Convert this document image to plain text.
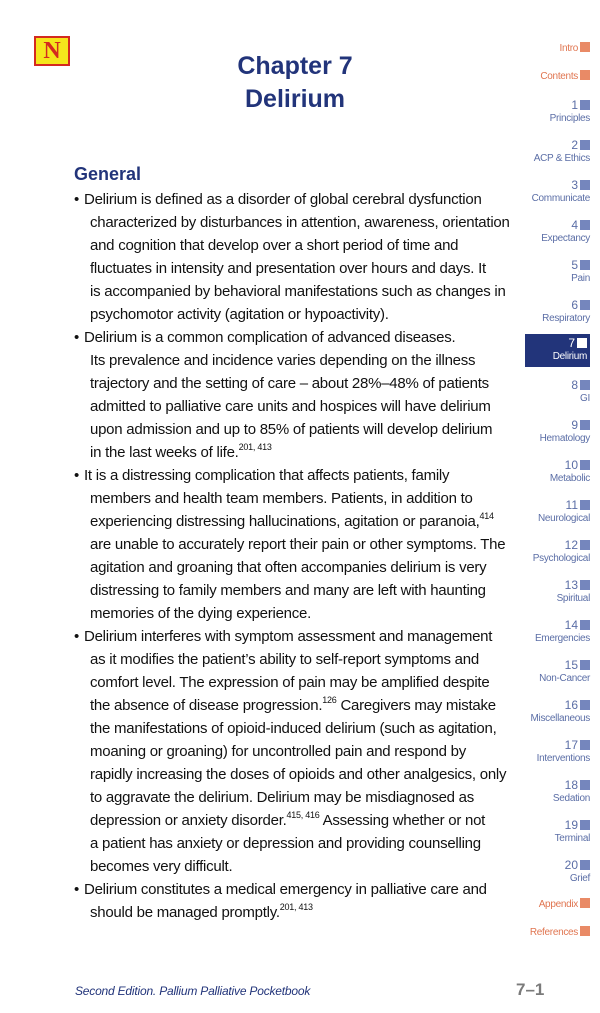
N
Chapter 7
Delirium
General
• Delirium is defined as a disorder of global cerebral dysfunction
characterized by disturbances in attention, awareness, orientation
and cognition that develop over a short period of time and
fluctuates in intensity and presentation over hours and days. It
is accompanied by behavioral manifestations such as changes in
psychomotor activity (agitation or hypoactivity).
• Delirium is a common complication of advanced diseases.
Its prevalence and incidence varies depending on the illness
trajectory and the setting of care – about 28%–48% of patients
admitted to palliative care units and hospices will have delirium
upon admission and up to 85% of patients will develop delirium
in the last weeks of life.$^{201, 413}$
• It is a distressing complication that affects patients, family
members and health team members. Patients, in addition to
experiencing distressing hallucinations, agitation or paranoia,$^{414}$
are unable to accurately report their pain or other symptoms. The
agitation and groaning that often accompanies delirium is very
distressing to family members and many are left with haunting
memories of the dying experience.
• Delirium interferes with symptom assessment and management
as it modifies the patient’s ability to self-report symptoms and
comfort level. The expression of pain may be amplified despite
the absence of disease progression.$^{126}$ Caregivers may mistake
the manifestations of opioid-induced delirium (such as agitation,
moaning or groaning) for uncontrolled pain and respond by
rapidly increasing the doses of opioids and other analgesics, only
to aggravate the delirium. Delirium may be misdiagnosed as
depression or anxiety disorder.$^{415, 416}$ Assessing whether or not
a patient has anxiety or depression and providing counselling
becomes very difficult.
• Delirium constitutes a medical emergency in palliative care and
should be managed promptly.$^{201, 413}$
Intro
Contents
1
Principles
2
ACP & Ethics
3
Communicate
4
Expectancy
5
Pain
6
Respiratory
7
Delirium
8
GI
9
Hematology
10
Metabolic
11
Neurological
12
Psychological
13
Spiritual
14
Emergencies
15
Non-Cancer
16
Miscellaneous
17
Interventions
18
Sedation
19
Terminal
20
Grief
Appendix
References
Second Edition. Pallium Palliative Pocketbook	7–1
